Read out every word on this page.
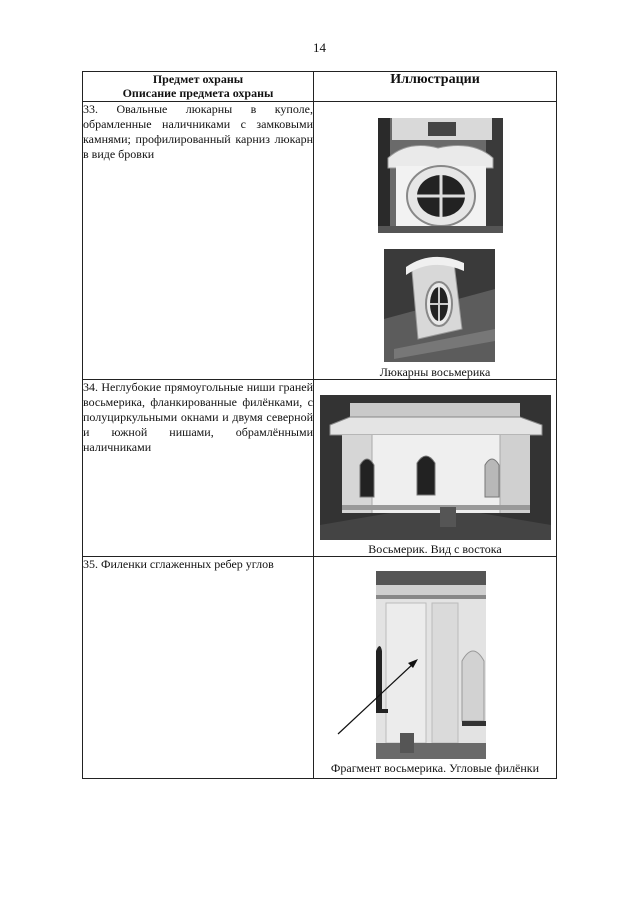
14
Предмет охраны
Описание предмета охраны	Иллюстрации

33. Овальные люкарны в куполе, обрамленные наличниками с замковыми камнями; профилированный карниз люкарн в виде бровки	Люкарны восьмерика

34. Неглубокие прямоугольные ниши граней восьмерика, фланкированные филёнками, с полуциркульными окнами и двумя северной и южной нишами, обрамлёнными наличниками	Восьмерик. Вид с востока

35. Филенки сглаженных ребер углов	Фрагмент восьмерика. Угловые филёнки
